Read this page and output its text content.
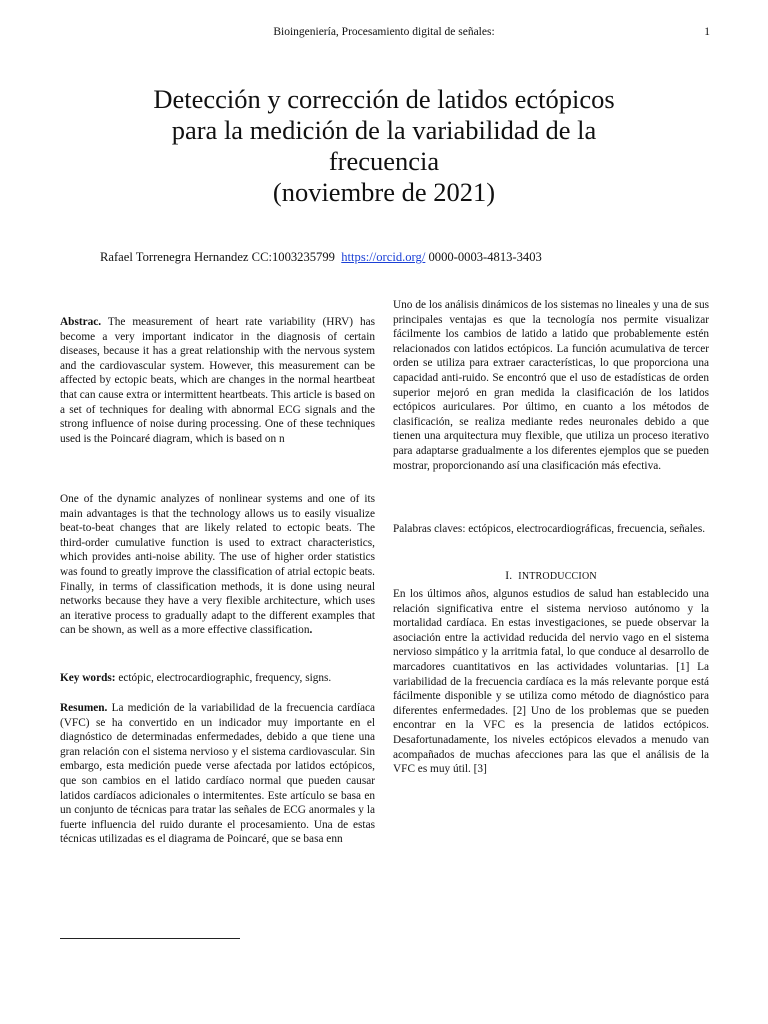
Bioingeniería, Procesamiento digital de señales:	1
Detección y corrección de latidos ectópicos
para la medición de la variabilidad de la
frecuencia
(noviembre de 2021)
Rafael Torrenegra Hernandez CC:1003235799 https://orcid.org/ 0000-0003-4813-3403

Abstrac. The measurement of heart rate variability (HRV) has become a very important indicator in the diagnosis of certain diseases, because it has a great relationship with the nervous system and the cardiovascular system. However, this measurement can be affected by ectopic beats, which are changes in the normal heartbeat that can cause extra or intermittent heartbeats. This article is based on a set of techniques for dealing with abnormal ECG signals and the strong influence of noise during processing. One of these techniques used is the Poincaré diagram, which is based on n

One of the dynamic analyzes of nonlinear systems and one of its main advantages is that the technology allows us to easily visualize beat-to-beat changes that are likely related to ectopic beats. The third-order cumulative function is used to extract characteristics, which provides anti-noise ability. The use of higher order statistics was found to greatly improve the classification of atrial ectopic beats. Finally, in terms of classification methods, it is done using neural networks because they have a very flexible architecture, which uses an iterative process to gradually adapt to the different examples that can be shown, as well as a more effective classification.

Key words: ectópic, electrocardiographic, frequency, signs.

Resumen. La medición de la variabilidad de la frecuencia cardíaca (VFC) se ha convertido en un indicador muy importante en el diagnóstico de determinadas enfermedades, debido a que tiene una gran relación con el sistema nervioso y el sistema cardiovascular. Sin embargo, esta medición puede verse afectada por latidos ectópicos, que son cambios en el latido cardíaco normal que pueden causar latidos cardíacos adicionales o intermitentes. Este artículo se basa en un conjunto de técnicas para tratar las señales de ECG anormales y la fuerte influencia del ruido durante el procesamiento. Una de estas técnicas utilizadas es el diagrama de Poincaré, que se basa enn

Uno de los análisis dinámicos de los sistemas no lineales y una de sus principales ventajas es que la tecnología nos permite visualizar fácilmente los cambios de latido a latido que probablemente estén relacionados con latidos ectópicos. La función acumulativa de tercer orden se utiliza para extraer características, lo que proporciona una capacidad anti-ruido. Se encontró que el uso de estadísticas de orden superior mejoró en gran medida la clasificación de los latidos ectópicos auriculares. Por último, en cuanto a los métodos de clasificación, se realiza mediante redes neuronales debido a que tienen una arquitectura muy flexible, que utiliza un proceso iterativo para adaptarse gradualmente a los diferentes ejemplos que se pueden mostrar, proporcionando así una clasificación más efectiva.

Palabras claves: ectópicos, electrocardiográficas, frecuencia, señales.

I. INTRODUCCION

En los últimos años, algunos estudios de salud han establecido una relación significativa entre el sistema nervioso autónomo y la mortalidad cardíaca. En estas investigaciones, se puede observar la asociación entre la actividad reducida del nervio vago en el sistema nervioso simpático y la arritmia fatal, lo que conduce al desarrollo de marcadores cuantitativos en las actividades voluntarias. [1] La variabilidad de la frecuencia cardíaca es la más relevante porque está fácilmente disponible y se utiliza como método de diagnóstico para diferentes enfermedades. [2] Uno de los problemas que se pueden encontrar en la VFC es la presencia de latidos ectópicos. Desafortunadamente, los niveles ectópicos elevados a menudo van acompañados de muchas afecciones para las que el análisis de la VFC es muy útil. [3]
